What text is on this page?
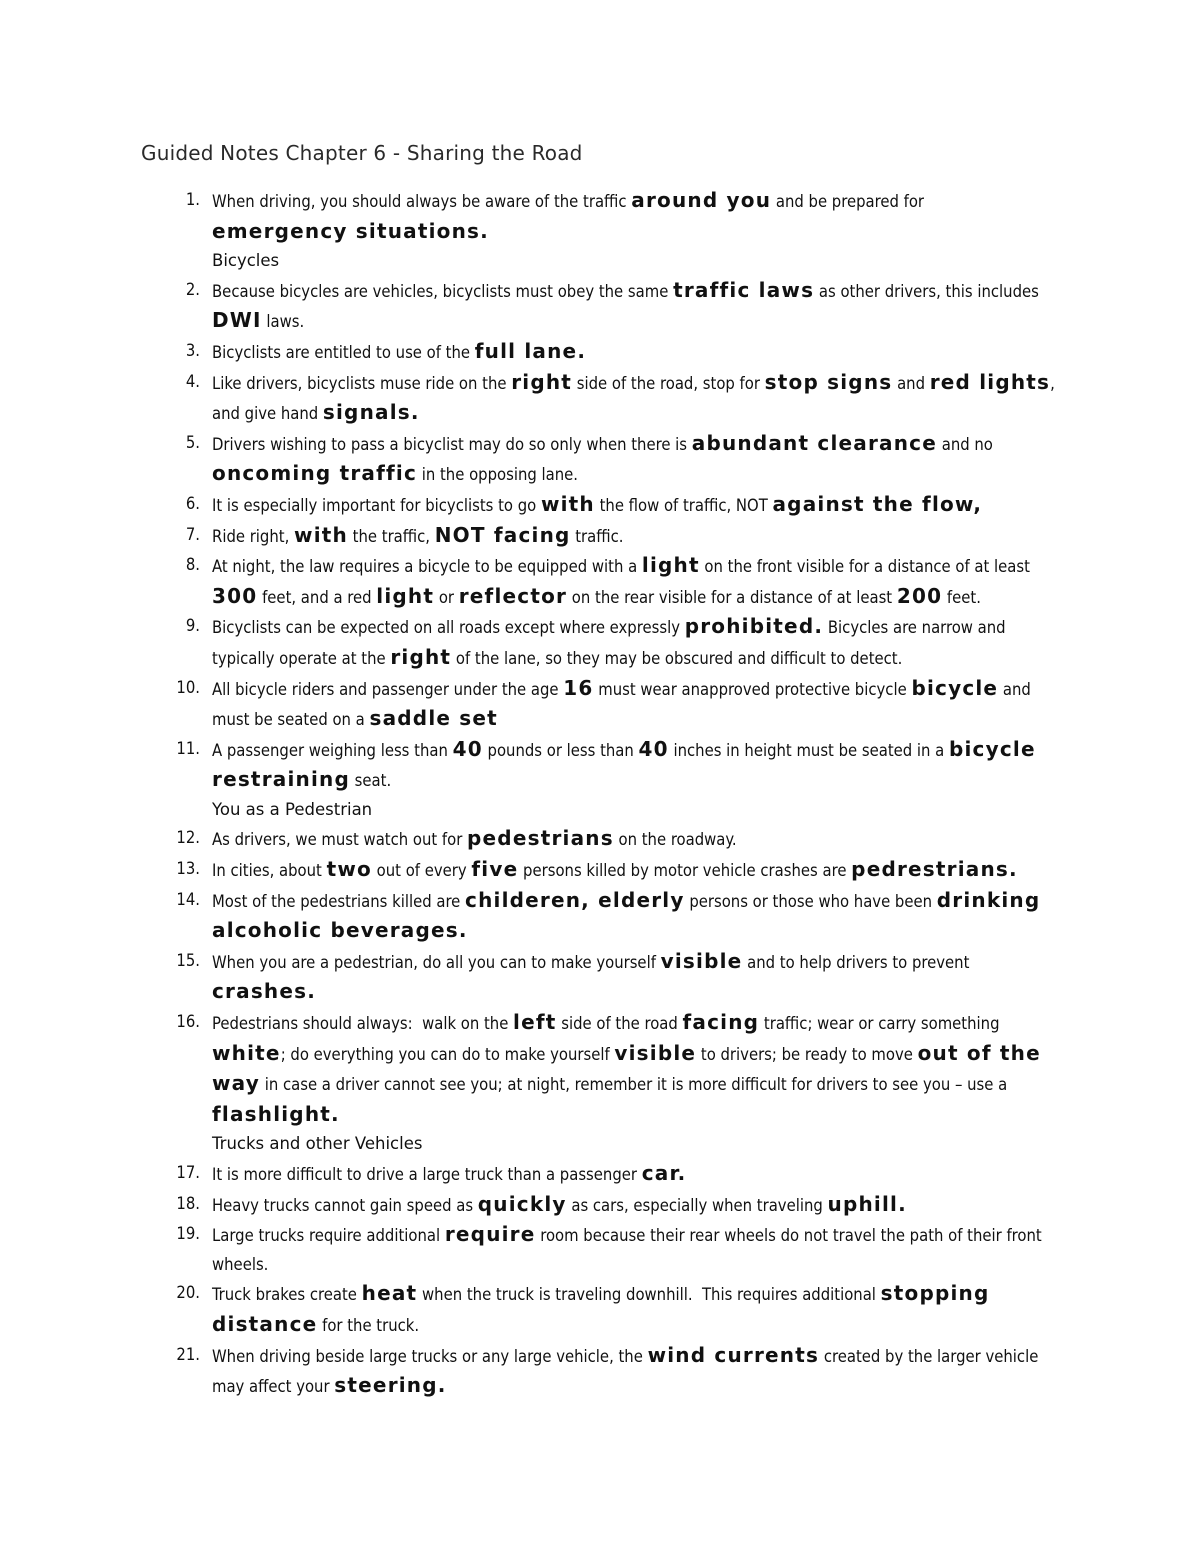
Guided Notes Chapter 6 - Sharing the Road
1. When driving, you should always be aware of the traffic around you and be prepared for emergency situations.
Bicycles
2. Because bicycles are vehicles, bicyclists must obey the same traffic laws as other drivers, this includes DWI laws.
3. Bicyclists are entitled to use of the full lane.
4. Like drivers, bicyclists muse ride on the right side of the road, stop for stop signs and red lights, and give hand signals.
5. Drivers wishing to pass a bicyclist may do so only when there is abundant clearance and no oncoming traffic in the opposing lane.
6. It is especially important for bicyclists to go with the flow of traffic, NOT against the flow,
7. Ride right, with the traffic, NOT facing traffic.
8. At night, the law requires a bicycle to be equipped with a light on the front visible for a distance of at least 300 feet, and a red light or reflector on the rear visible for a distance of at least 200 feet.
9. Bicyclists can be expected on all roads except where expressly prohibited. Bicycles are narrow and typically operate at the right of the lane, so they may be obscured and difficult to detect.
10. All bicycle riders and passenger under the age 16 must wear anapproved protective bicycle bicycle and must be seated on a saddle set
11. A passenger weighing less than 40 pounds or less than 40 inches in height must be seated in a bicycle restraining seat.
You as a Pedestrian
12. As drivers, we must watch out for pedestrians on the roadway.
13. In cities, about two out of every five persons killed by motor vehicle crashes are pedrestrians.
14. Most of the pedestrians killed are childeren, elderly persons or those who have been drinking alcoholic beverages.
15. When you are a pedestrian, do all you can to make yourself visible and to help drivers to prevent crashes.
16. Pedestrians should always:  walk on the left side of the road facing traffic; wear or carry something white; do everything you can do to make yourself visible to drivers; be ready to move out of the way in case a driver cannot see you; at night, remember it is more difficult for drivers to see you – use a flashlight.
Trucks and other Vehicles
17. It is more difficult to drive a large truck than a passenger car.
18. Heavy trucks cannot gain speed as quickly as cars, especially when traveling uphill.
19. Large trucks require additional require room because their rear wheels do not travel the path of their front wheels.
20. Truck brakes create heat when the truck is traveling downhill.  This requires additional stopping distance for the truck.
21. When driving beside large trucks or any large vehicle, the wind currents created by the larger vehicle may affect your steering.
